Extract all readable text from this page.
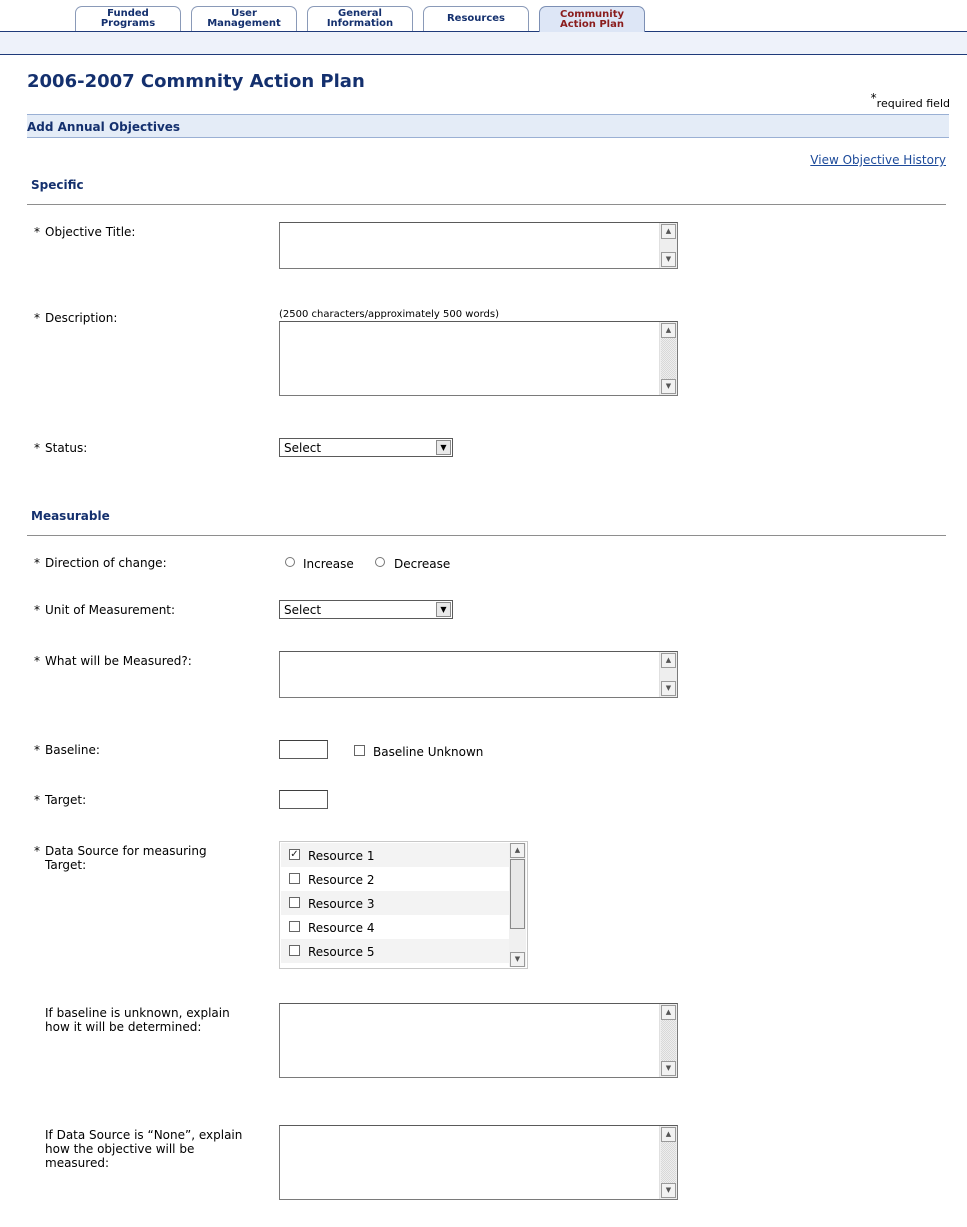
Funded
Programs
User
Management
General
Information	Resources	Community
Action Plan
2006-2007 Commnity Action Plan
*required field
Add Annual Objectives
View Objective History
Specific
* Objective Title:	▲
▼
* Description:	(2500 characters/approximately 500 words)
▲
▼
* Status:	Select	▼
Measurable
* Direction of change:	Increase	Decrease
* Unit of Measurement:	Select	▼
* What will be Measured?:	▲
▼
* Baseline:	Baseline Unknown
* Target:
* Data Source for measuring
Target:
✓ Resource 1
Resource 2
Resource 3
Resource 4
Resource 5
▲
▼
If baseline is unknown, explain
how it will be determined:
▲
▼
If Data Source is “None”, explain
how the objective will be
measured:
▲
▼
